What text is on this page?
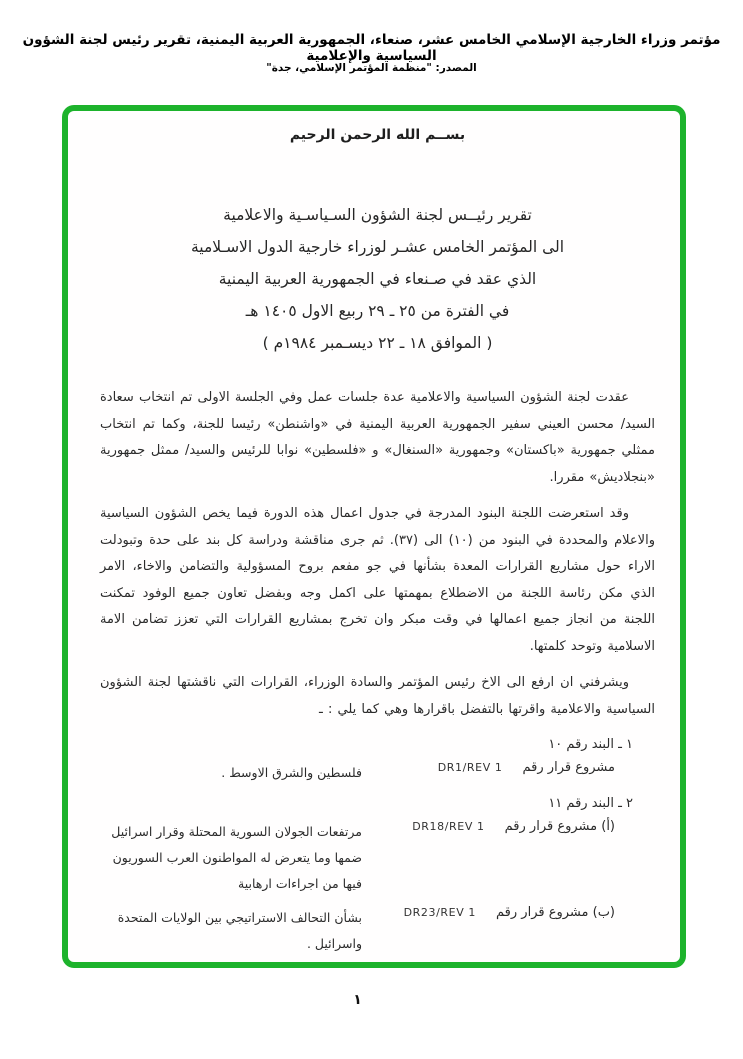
مؤتمر وزراء الخارجية الإسلامي الخامس عشر، صنعاء، الجمهورية العربية اليمنية، تقرير رئيس لجنة الشؤون السياسية والإعلامية
المصدر: "منظمة المؤتمر الإسلامي، جدة"
بســم الله الرحمن الرحيم
تقرير رئيــس لجنة الشؤون السـياسـية والاعلامية
الى المؤتمر الخامس عشـر لوزراء خارجية الدول الاسـلامية
الذي عقد في صـنعاء في الجمهورية العربية اليمنية
في الفترة من ٢٥ ـ ٢٩ ربيع الاول ١٤٠٥ هـ
( الموافق ١٨ ـ ٢٢ ديسـمبر ١٩٨٤م )

عقدت لجنة الشؤون السياسية والاعلامية عدة جلسات عمل وفي الجلسة الاولى تم انتخاب سعادة السيد/ محسن العيني سفير الجمهورية العربية اليمنية في «واشنطن» رئيسا للجنة، وكما تم انتخاب ممثلي جمهورية «باكستان» وجمهورية «السنغال» و «فلسطين» نوابا للرئيس والسيد/ ممثل جمهورية «بنجلاديش» مقررا.

وقد استعرضت اللجنة البنود المدرجة في جدول اعمال هذه الدورة فيما يخص الشؤون السياسية والاعلام والمحددة في البنود من (١٠) الى (٣٧). ثم جرى مناقشة ودراسة كل بند على حدة وتبودلت الاراء حول مشاريع القرارات المعدة بشأنها في جو مفعم بروح المسؤولية والتضامن والاخاء، الامر الذي مكن رئاسة اللجنة من الاضطلاع بمهمتها على اكمل وجه وبفضل تعاون جميع الوفود تمكنت اللجنة من انجاز جميع اعمالها في وقت مبكر وان تخرج بمشاريع القرارات التي تعزز تضامن الامة الاسلامية وتوحد كلمتها.

ويشرفني ان ارفع الى الاخ رئيس المؤتمر والسادة الوزراء، القرارات التي ناقشتها لجنة الشؤون السياسية والاعلامية واقرتها بالتفضل باقرارها وهي كما يلي : ـ

١ ـ البند رقم ١٠
مشروع قرار رقم
DR1/REV 1
فلسطين والشرق الاوسط .
٢ ـ البند رقم ١١
(أ) مشروع قرار رقم
DR18/REV 1
مرتفعات الجولان السورية المحتلة وقرار اسرائيل ضمها وما يتعرض له المواطنون العرب السوريون فيها من اجراءات ارهابية
(ب) مشروع قرار رقم
DR23/REV 1
بشأن التحالف الاستراتيجي بين الولايات المتحدة واسرائيل .
١
